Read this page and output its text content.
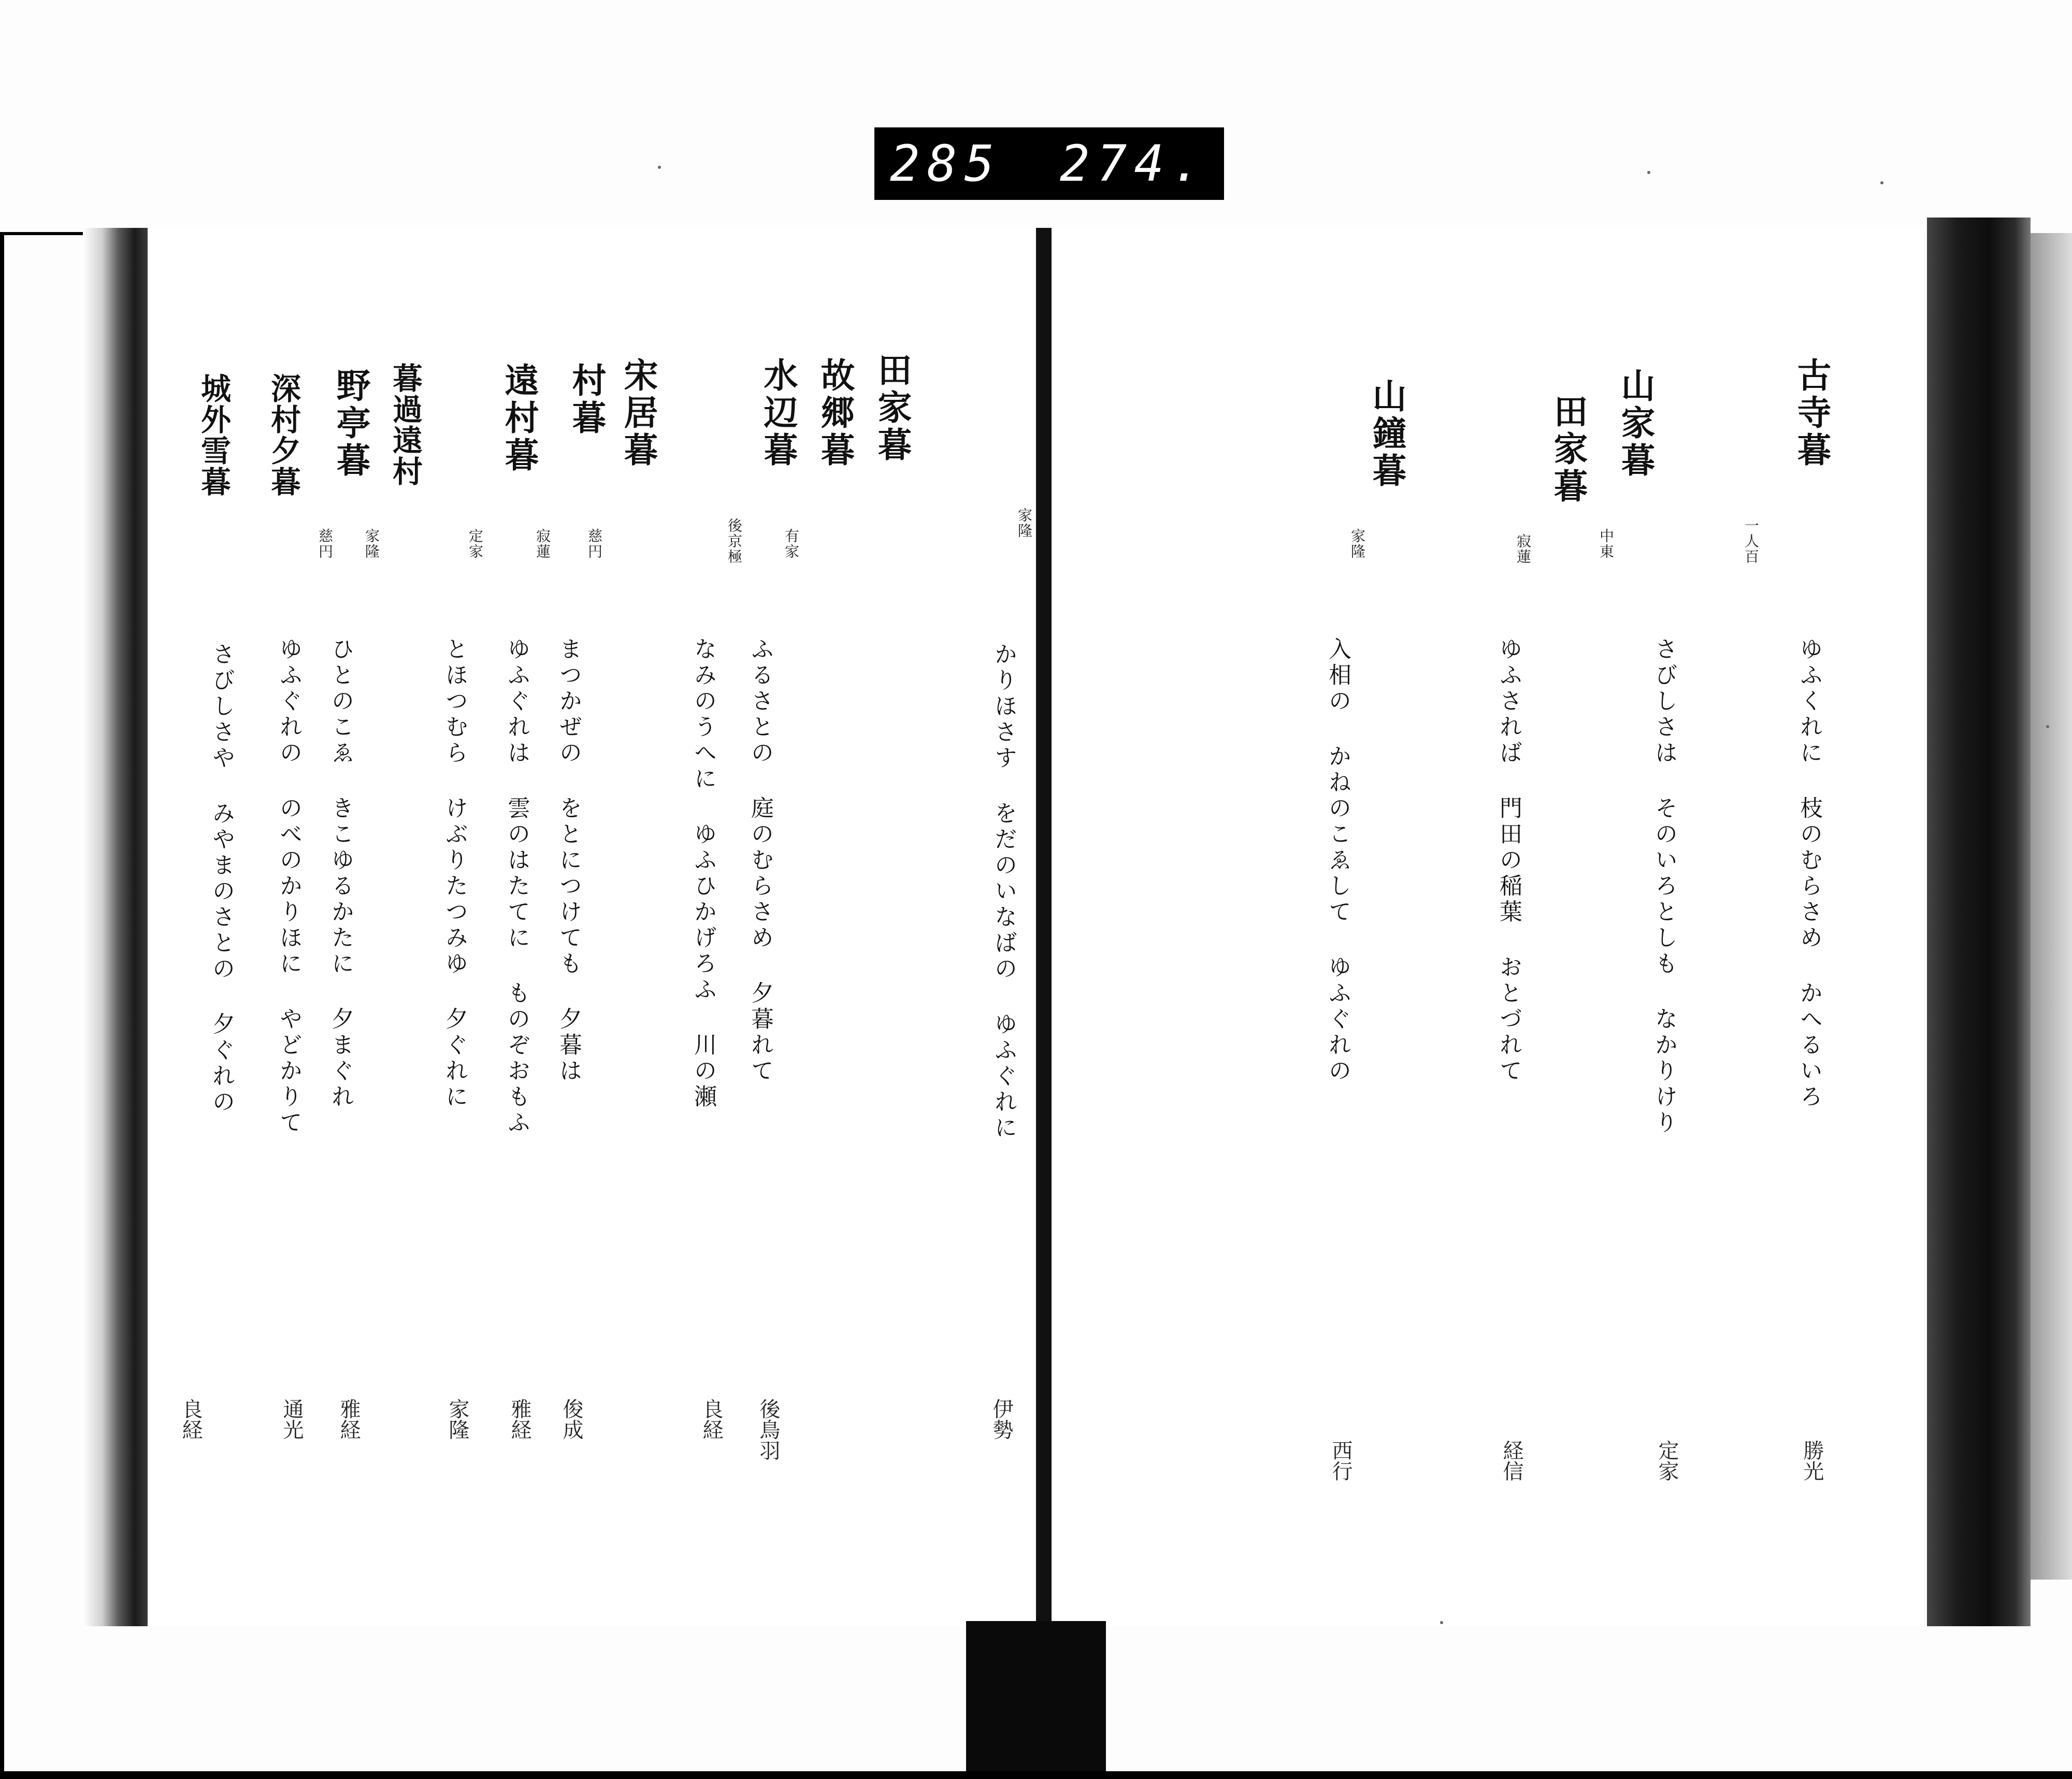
田家暮
家隆
かりほさす をだのいなばの ゆふぐれに
伊勢
故郷暮
有家
ふるさとの 庭のむらさめ 夕暮れて
後鳥羽
水辺暮
後京極
なみのうへに ゆふひかげろふ 川の瀬
良経
宋居暮
慈円
まつかぜの をとにつけても 夕暮は
俊成
村暮
寂蓮
ゆふぐれは 雲のはたてに ものぞおもふ
雅経
遠村暮
定家
とほつむら けぶりたつみゆ 夕ぐれに
家隆
暮過遠村
家隆
ひとのこゑ きこゆるかたに 夕まぐれ
雅経
野亭暮
慈円
ゆふぐれの のべのかりほに やどかりて
通光
深村夕暮
城外雪暮
さびしさや みやまのさとの 夕ぐれの
良経
古寺暮
一人百
ゆふくれに 枝のむらさめ かへるいろ
勝光
山家暮
中東
さびしさは そのいろとしも なかりけり
定家
山鐘暮
家隆
入相の かねのこゑして ゆふぐれの
西行
田家暮
寂蓮
ゆふされば 門田の稲葉 おとづれて
経信
285 274.
